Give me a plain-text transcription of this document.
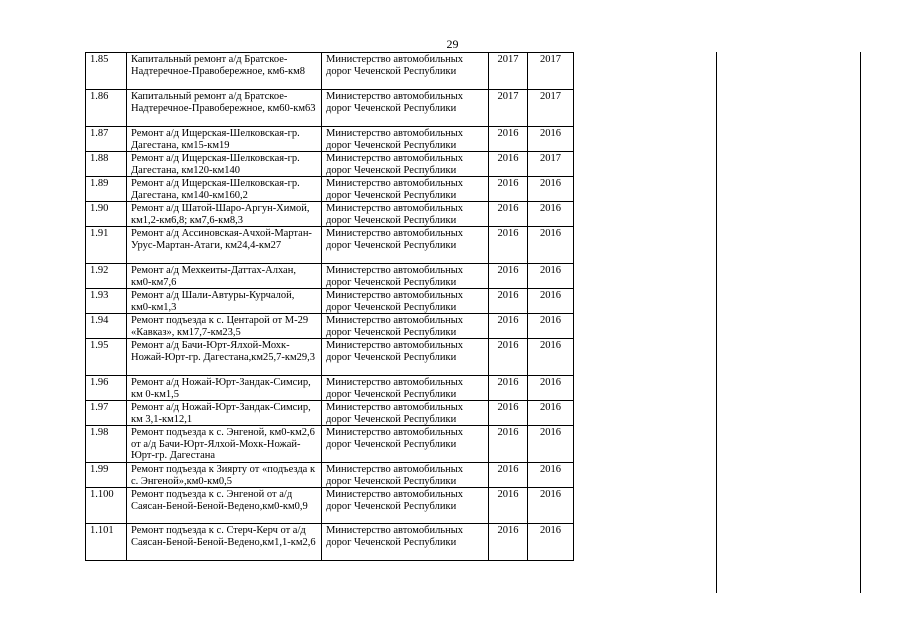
29
1.85	Капитальный ремонт а/д Братское-Надтеречное-Правобережное, км6-км8	Министерство автомобильных дорог Чеченской Республики	2017	2017
1.86	Капитальный ремонт а/д Братское-Надтеречное-Правобережное, км60-км63	Министерство автомобильных дорог Чеченской Республики	2017	2017
1.87	Ремонт а/д Ищерская-Шелковская-гр. Дагестана, км15-км19	Министерство автомобильных дорог Чеченской Республики	2016	2016
1.88	Ремонт а/д Ищерская-Шелковская-гр. Дагестана, км120-км140	Министерство автомобильных дорог Чеченской Республики	2016	2017
1.89	Ремонт а/д Ищерская-Шелковская-гр. Дагестана, км140-км160,2	Министерство автомобильных дорог Чеченской Республики	2016	2016
1.90	Ремонт а/д Шатой-Шаро-Аргун-Химой, км1,2-км6,8; км7,6-км8,3	Министерство автомобильных дорог Чеченской Республики	2016	2016
1.91	Ремонт а/д Ассиновская-Ачхой-Мартан-Урус-Мартан-Атаги, км24,4-км27	Министерство автомобильных дорог Чеченской Республики	2016	2016
1.92	Ремонт а/д Мехкеиты-Даттах-Алхан, км0-км7,6	Министерство автомобильных дорог Чеченской Республики	2016	2016
1.93	Ремонт а/д Шали-Автуры-Курчалой, км0-км1,3	Министерство автомобильных дорог Чеченской Республики	2016	2016
1.94	Ремонт подъезда к с. Центарой от М-29 «Кавказ», км17,7-км23,5	Министерство автомобильных дорог Чеченской Республики	2016	2016
1.95	Ремонт а/д Бачи-Юрт-Ялхой-Мохк-Ножай-Юрт-гр. Дагестана,км25,7-км29,3	Министерство автомобильных дорог Чеченской Республики	2016	2016
1.96	Ремонт а/д Ножай-Юрт-Зандак-Симсир, км 0-км1,5	Министерство автомобильных дорог Чеченской Республики	2016	2016
1.97	Ремонт а/д Ножай-Юрт-Зандак-Симсир, км 3,1-км12,1	Министерство автомобильных дорог Чеченской Республики	2016	2016
1.98	Ремонт подъезда к с. Энгеной, км0-км2,6 от а/д Бачи-Юрт-Ялхой-Мохк-Ножай-Юрт-гр. Дагестана	Министерство автомобильных дорог Чеченской Республики	2016	2016
1.99	Ремонт подъезда к Зиярту от «подъезда к с. Энгеной»,км0-км0,5	Министерство автомобильных дорог Чеченской Республики	2016	2016
1.100	Ремонт подъезда к с. Энгеной от а/д Саясан-Беной-Беной-Ведено,км0-км0,9	Министерство автомобильных дорог Чеченской Республики	2016	2016
1.101	Ремонт подъезда к с. Стерч-Керч от а/д Саясан-Беной-Беной-Ведено,км1,1-км2,6	Министерство автомобильных дорог Чеченской Республики	2016	2016
